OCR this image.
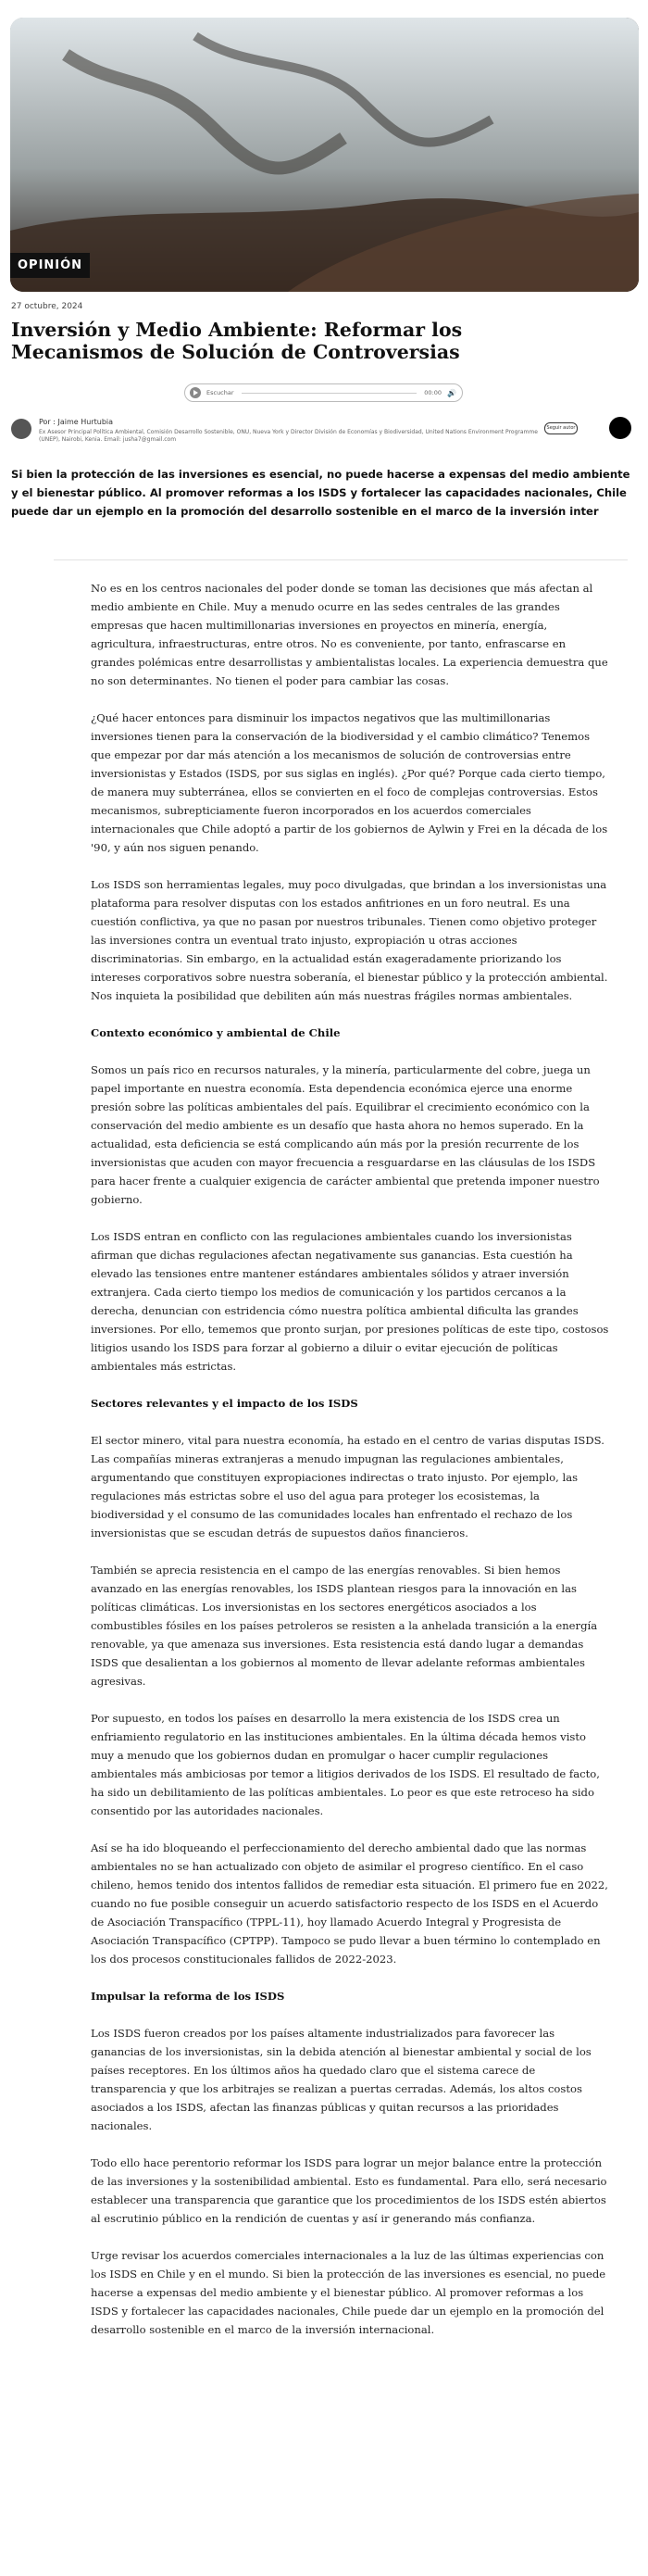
OPINIÓN
27 octubre, 2024
Inversión y Medio Ambiente: Reformar los Mecanismos de Solución de Controversias
Escuchar	00:00 🔊
Por : Jaime Hurtubia
Ex Asesor Principal Política Ambiental, Comisión Desarrollo Sostenible, ONU, Nueva York y Director División de Economías y Biodiversidad, United Nations Environment Programme (UNEP), Nairobi, Kenia. Email: jusha7@gmail.com
Seguir autor
Si bien la protección de las inversiones es esencial, no puede hacerse a expensas del medio ambiente y el bienestar público. Al promover reformas a los ISDS y fortalecer las capacidades nacionales, Chile puede dar un ejemplo en la promoción del desarrollo sostenible en el marco de la inversión inter

No es en los centros nacionales del poder donde se toman las decisiones que más afectan al medio ambiente en Chile. Muy a menudo ocurre en las sedes centrales de las grandes empresas que hacen multimillonarias inversiones en proyectos en minería, energía, agricultura, infraestructuras, entre otros. No es conveniente, por tanto, enfrascarse en grandes polémicas entre desarrollistas y ambientalistas locales. La experiencia demuestra que no son determinantes. No tienen el poder para cambiar las cosas.

¿Qué hacer entonces para disminuir los impactos negativos que las multimillonarias inversiones tienen para la conservación de la biodiversidad y el cambio climático? Tenemos que empezar por dar más atención a los mecanismos de solución de controversias entre inversionistas y Estados (ISDS, por sus siglas en inglés). ¿Por qué? Porque cada cierto tiempo, de manera muy subterránea, ellos se convierten en el foco de complejas controversias. Estos mecanismos, subrepticiamente fueron incorporados en los acuerdos comerciales internacionales que Chile adoptó a partir de los gobiernos de Aylwin y Frei en la década de los '90, y aún nos siguen penando.

Los ISDS son herramientas legales, muy poco divulgadas, que brindan a los inversionistas una plataforma para resolver disputas con los estados anfitriones en un foro neutral. Es una cuestión conflictiva, ya que no pasan por nuestros tribunales. Tienen como objetivo proteger las inversiones contra un eventual trato injusto, expropiación u otras acciones discriminatorias. Sin embargo, en la actualidad están exageradamente priorizando los intereses corporativos sobre nuestra soberanía, el bienestar público y la protección ambiental. Nos inquieta la posibilidad que debiliten aún más nuestras frágiles normas ambientales.

Contexto económico y ambiental de Chile

Somos un país rico en recursos naturales, y la minería, particularmente del cobre, juega un papel importante en nuestra economía. Esta dependencia económica ejerce una enorme presión sobre las políticas ambientales del país. Equilibrar el crecimiento económico con la conservación del medio ambiente es un desafío que hasta ahora no hemos superado. En la actualidad, esta deficiencia se está complicando aún más por la presión recurrente de los inversionistas que acuden con mayor frecuencia a resguardarse en las cláusulas de los ISDS para hacer frente a cualquier exigencia de carácter ambiental que pretenda imponer nuestro gobierno.

Los ISDS entran en conflicto con las regulaciones ambientales cuando los inversionistas afirman que dichas regulaciones afectan negativamente sus ganancias. Esta cuestión ha elevado las tensiones entre mantener estándares ambientales sólidos y atraer inversión extranjera. Cada cierto tiempo los medios de comunicación y los partidos cercanos a la derecha, denuncian con estridencia cómo nuestra política ambiental dificulta las grandes inversiones. Por ello, tememos que pronto surjan, por presiones políticas de este tipo, costosos litigios usando los ISDS para forzar al gobierno a diluir o evitar ejecución de políticas ambientales más estrictas.

Sectores relevantes y el impacto de los ISDS

El sector minero, vital para nuestra economía, ha estado en el centro de varias disputas ISDS. Las compañías mineras extranjeras a menudo impugnan las regulaciones ambientales, argumentando que constituyen expropiaciones indirectas o trato injusto. Por ejemplo, las regulaciones más estrictas sobre el uso del agua para proteger los ecosistemas, la biodiversidad y el consumo de las comunidades locales han enfrentado el rechazo de los inversionistas que se escudan detrás de supuestos daños financieros.

También se aprecia resistencia en el campo de las energías renovables. Si bien hemos avanzado en las energías renovables, los ISDS plantean riesgos para la innovación en las políticas climáticas. Los inversionistas en los sectores energéticos asociados a los combustibles fósiles en los países petroleros se resisten a la anhelada transición a la energía renovable, ya que amenaza sus inversiones. Esta resistencia está dando lugar a demandas ISDS que desalientan a los gobiernos al momento de llevar adelante reformas ambientales agresivas.

Por supuesto, en todos los países en desarrollo la mera existencia de los ISDS crea un enfriamiento regulatorio en las instituciones ambientales. En la última década hemos visto muy a menudo que los gobiernos dudan en promulgar o hacer cumplir regulaciones ambientales más ambiciosas por temor a litigios derivados de los ISDS. El resultado de facto, ha sido un debilitamiento de las políticas ambientales. Lo peor es que este retroceso ha sido consentido por las autoridades nacionales.

Así se ha ido bloqueando el perfeccionamiento del derecho ambiental dado que las normas ambientales no se han actualizado con objeto de asimilar el progreso científico. En el caso chileno, hemos tenido dos intentos fallidos de remediar esta situación. El primero fue en 2022, cuando no fue posible conseguir un acuerdo satisfactorio respecto de los ISDS en el Acuerdo de Asociación Transpacífico (TPPL-11), hoy llamado Acuerdo Integral y Progresista de Asociación Transpacífico (CPTPP). Tampoco se pudo llevar a buen término lo contemplado en los dos procesos constitucionales fallidos de 2022-2023.

Impulsar la reforma de los ISDS

Los ISDS fueron creados por los países altamente industrializados para favorecer las ganancias de los inversionistas, sin la debida atención al bienestar ambiental y social de los países receptores. En los últimos años ha quedado claro que el sistema carece de transparencia y que los arbitrajes se realizan a puertas cerradas. Además, los altos costos asociados a los ISDS, afectan las finanzas públicas y quitan recursos a las prioridades nacionales.

Todo ello hace perentorio reformar los ISDS para lograr un mejor balance entre la protección de las inversiones y la sostenibilidad ambiental. Esto es fundamental. Para ello, será necesario establecer una transparencia que garantice que los procedimientos de los ISDS estén abiertos al escrutinio público en la rendición de cuentas y así ir generando más confianza.

Urge revisar los acuerdos comerciales internacionales a la luz de las últimas experiencias con los ISDS en Chile y en el mundo. Si bien la protección de las inversiones es esencial, no puede hacerse a expensas del medio ambiente y el bienestar público. Al promover reformas a los ISDS y fortalecer las capacidades nacionales, Chile puede dar un ejemplo en la promoción del desarrollo sostenible en el marco de la inversión internacional.
